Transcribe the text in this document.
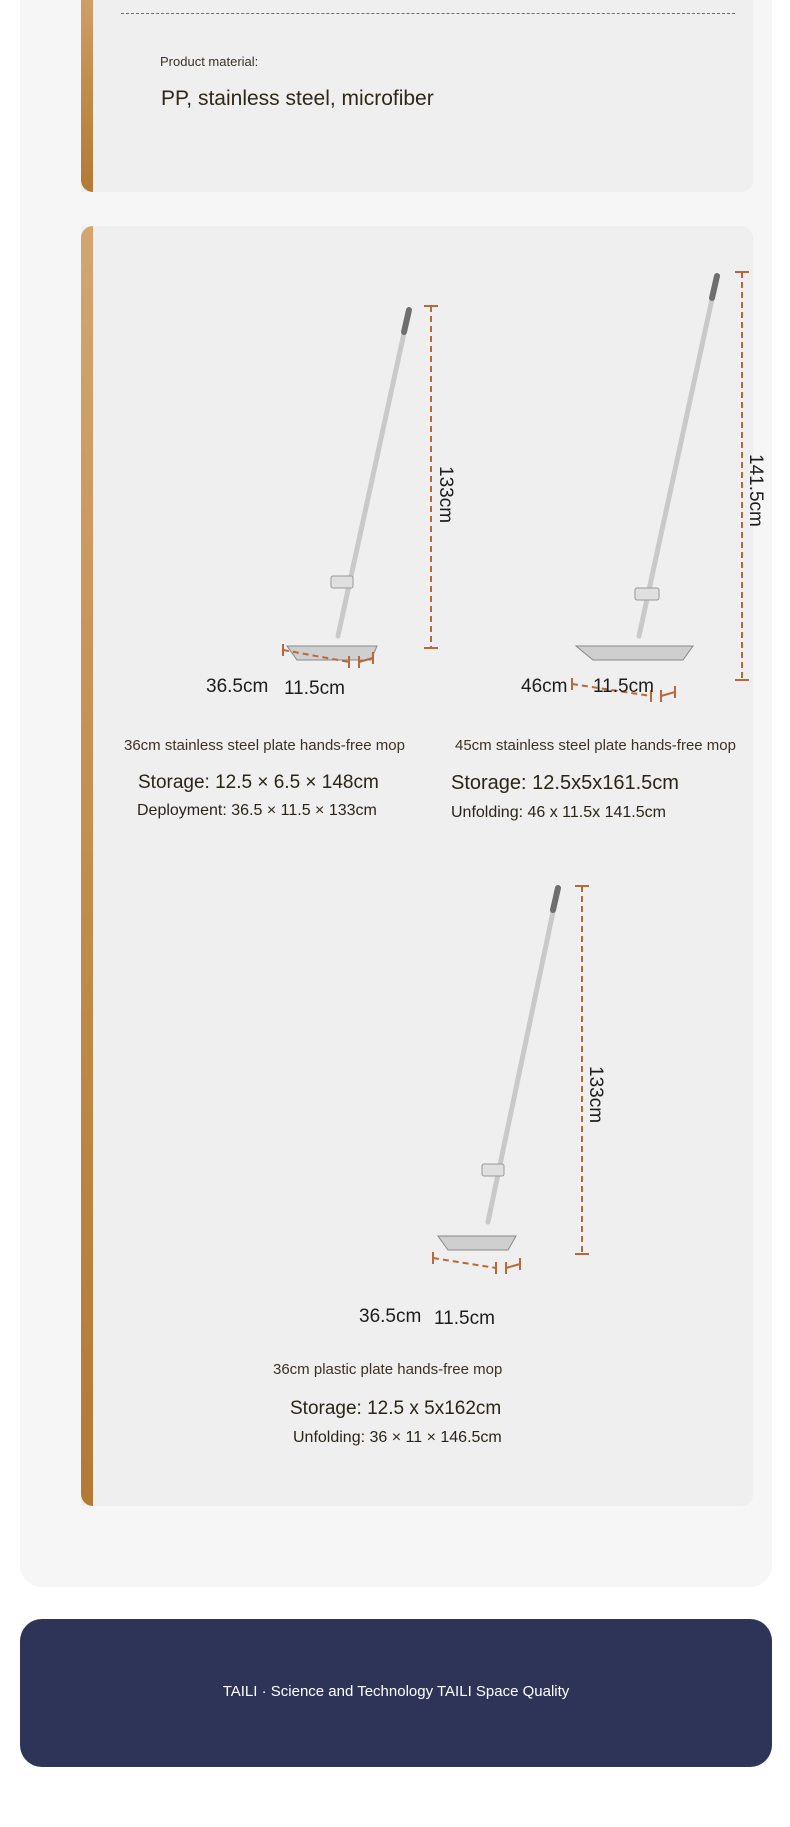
Product material:
PP, stainless steel, microfiber
133cm
36.5cm 11.5cm
141.5cm
46cm 11.5cm
36cm stainless steel plate hands-free mop	45cm stainless steel plate hands-free mop
Storage: 12.5 × 6.5 × 148cm
Deployment: 36.5 × 11.5 × 133cm
Storage: 12.5x5x161.5cm
Unfolding: 46 x 11.5x 141.5cm
133cm
36.5cm 11.5cm
36cm plastic plate hands-free mop
Storage: 12.5 x 5x162cm
Unfolding: 36 × 11 × 146.5cm
TAILI · Science and Technology TAILI Space Quality
